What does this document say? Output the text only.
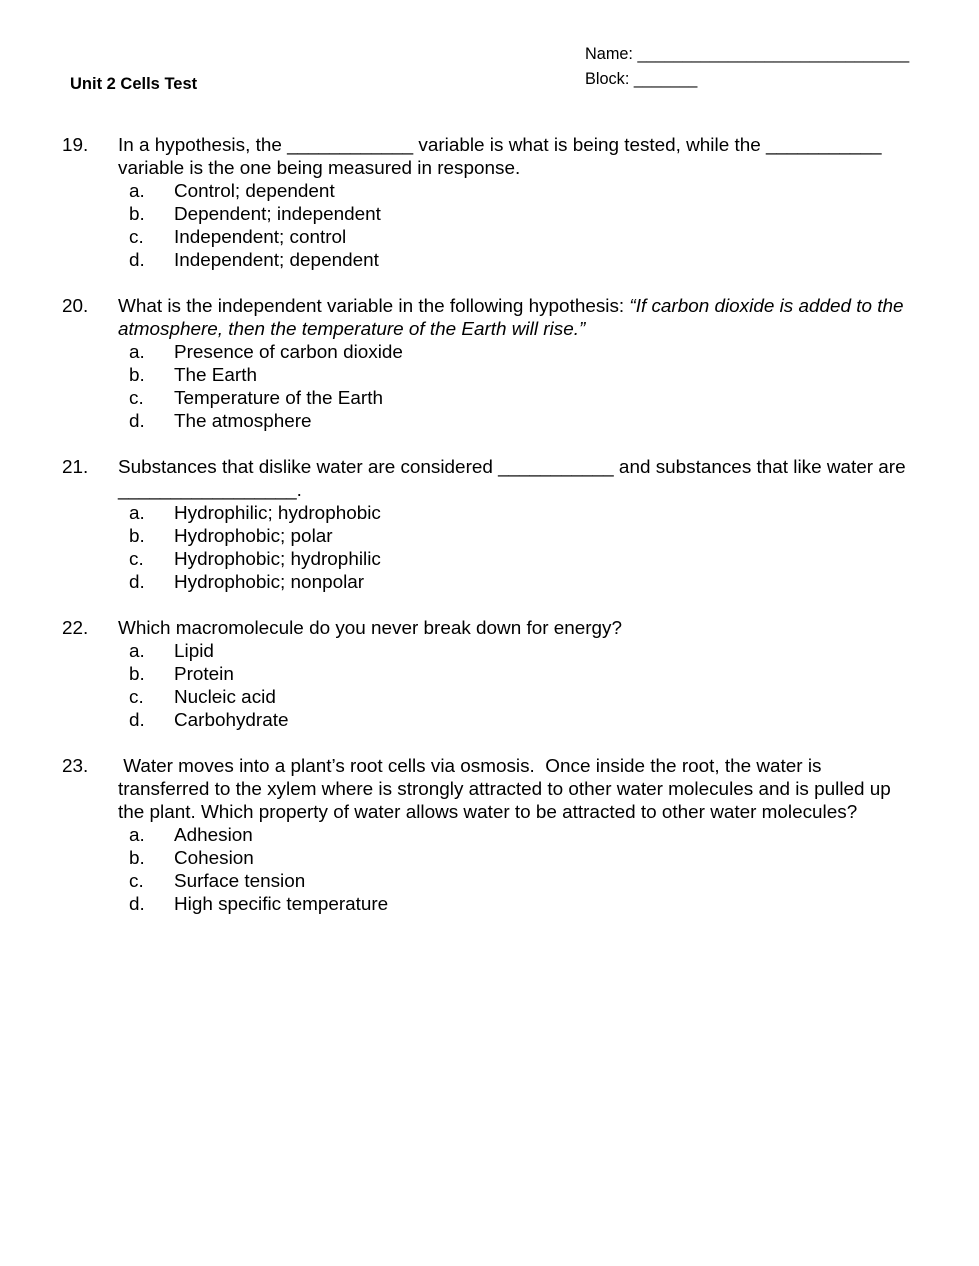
Unit 2 Cells Test
Name: ______________________________
Block: _______
19.	In a hypothesis, the ____________ variable is what is being tested, while the ___________ variable is the one being measured in response.
a.	Control; dependent
b.	Dependent; independent
c.	Independent; control
d.	Independent; dependent
20.	What is the independent variable in the following hypothesis: “If carbon dioxide is added to the atmosphere, then the temperature of the Earth will rise.”
a.	Presence of carbon dioxide
b.	The Earth
c.	Temperature of the Earth
d.	The atmosphere
21.	Substances that dislike water are considered ___________ and substances that like water are _________________.
a.	Hydrophilic; hydrophobic
b.	Hydrophobic; polar
c.	Hydrophobic; hydrophilic
d.	Hydrophobic; nonpolar
22.	Which macromolecule do you never break down for energy?
a.	Lipid
b.	Protein
c.	Nucleic acid
d.	Carbohydrate
23.	Water moves into a plant’s root cells via osmosis.  Once inside the root, the water is transferred to the xylem where is strongly attracted to other water molecules and is pulled up the plant. Which property of water allows water to be attracted to other water molecules?
a.	Adhesion
b.	Cohesion
c.	Surface tension
d.	High specific temperature
